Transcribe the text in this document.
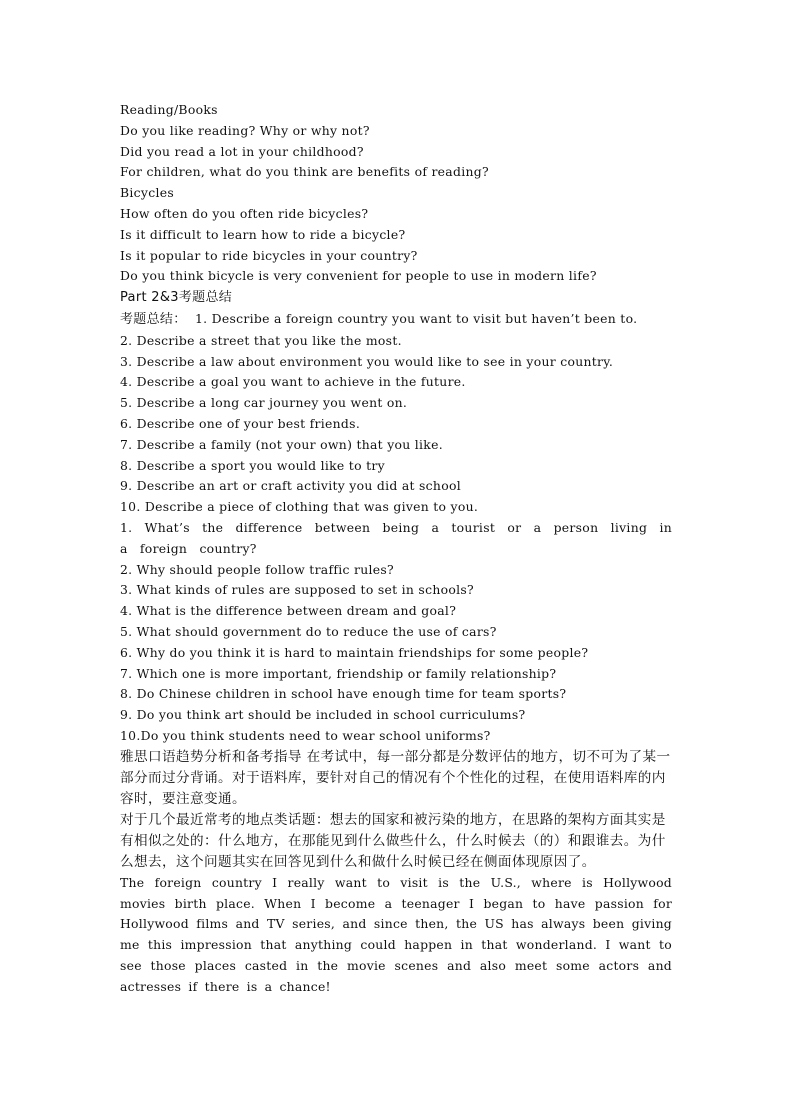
Reading/Books

Do you like reading? Why or why not?

Did you read a lot in your childhood?

For children, what do you think are benefits of reading?

Bicycles

How often do you often ride bicycles?

Is it difficult to learn how to ride a bicycle?

Is it popular to ride bicycles in your country?

Do you think bicycle is very convenient for people to use in modern life?

Part 2&3考题总结

考题总结： 1. Describe a foreign country you want to visit but haven’t been to.

2. Describe a street that you like the most.

3. Describe a law about environment you would like to see in your country.

4. Describe a goal you want to achieve in the future.

5. Describe a long car journey you went on.

6. Describe one of your best friends.

7. Describe a family (not your own) that you like.

8. Describe a sport you would like to try

9. Describe an art or craft activity you did at school

10. Describe a piece of clothing that was given to you.

1. What’s the difference between being a tourist or a person living in a foreign country?

2. Why should people follow traffic rules?

3. What kinds of rules are supposed to set in schools?

4. What is the difference between dream and goal?

5. What should government do to reduce the use of cars?

6. Why do you think it is hard to maintain friendships for some people?

7. Which one is more important, friendship or family relationship?

8. Do Chinese children in school have enough time for team sports?

9. Do you think art should be included in school curriculums?

10.Do you think students need to wear school uniforms?

雅思口语趋势分析和备考指导 在考试中，每一部分都是分数评估的地方，切不可为了某一部分而过分背诵。对于语料库，要针对自己的情况有个个性化的过程，在使用语料库的内容时，要注意变通。

对于几个最近常考的地点类话题：想去的国家和被污染的地方，在思路的架构方面其实是有相似之处的：什么地方，在那能见到什么做些什么，什么时候去（的）和跟谁去。为什么想去，这个问题其实在回答见到什么和做什么时候已经在侧面体现原因了。

The foreign country I really want to visit is the U.S., where is Hollywood movies birth place. When I become a teenager I began to have passion for Hollywood films and TV series, and since then, the US has always been giving me this impression that anything could happen in that wonderland. I want to see those places casted in the movie scenes and also meet some actors and actresses if there is a chance!
